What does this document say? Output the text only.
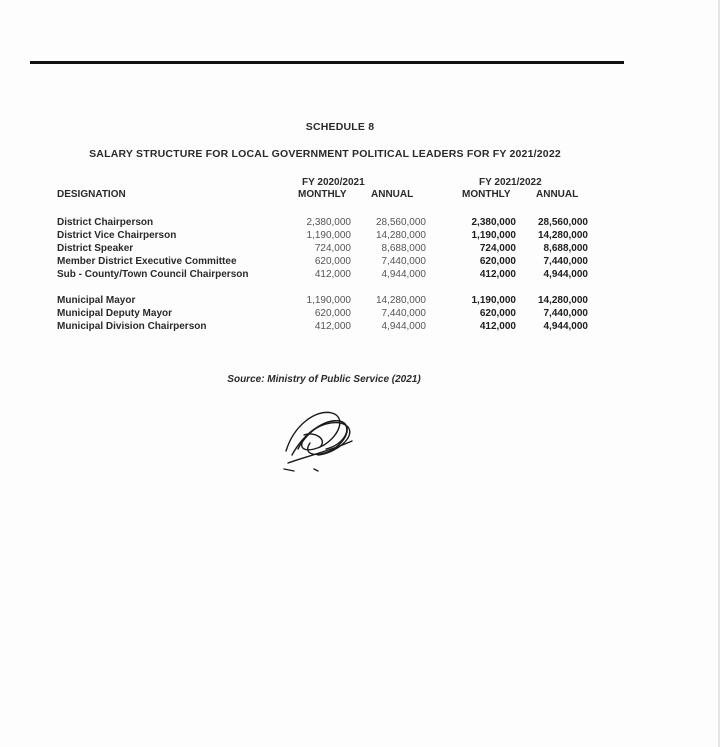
SCHEDULE 8
SALARY STRUCTURE FOR LOCAL GOVERNMENT POLITICAL LEADERS FOR FY 2021/2022
FY 2020/2021	FY 2021/2022
DESIGNATION	MONTHLY ANNUAL	MONTHLY	ANNUAL
District Chairperson	2,380,000	28,560,000	2,380,000	28,560,000
District Vice Chairperson	1,190,000	14,280,000	1,190,000	14,280,000
District Speaker	724,000	8,688,000	724,000	8,688,000
Member District Executive Committee	620,000	7,440,000	620,000	7,440,000
Sub - County/Town Council Chairperson	412,000	4,944,000	412,000	4,944,000
Municipal Mayor	1,190,000	14,280,000	1,190,000	14,280,000
Municipal Deputy Mayor	620,000	7,440,000	620,000	7,440,000
Municipal Division Chairperson	412,000	4,944,000	412,000	4,944,000
Source: Ministry of Public Service (2021)
